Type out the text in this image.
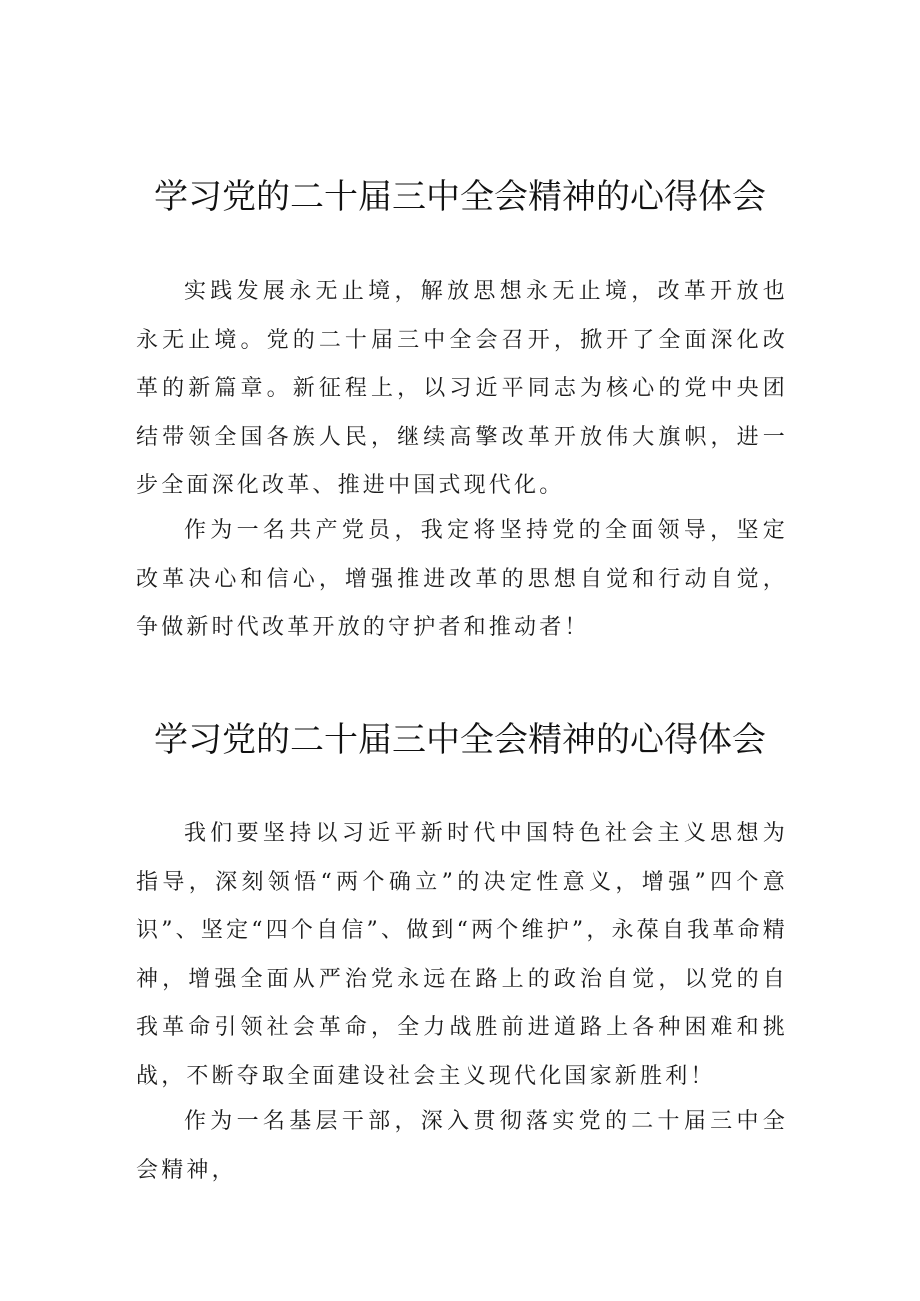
学习党的二十届三中全会精神的心得体会

实践发展永无止境，解放思想永无止境，改革开放也永无止境。党的二十届三中全会召开，掀开了全面深化改革的新篇章。新征程上，以习近平同志为核心的党中央团结带领全国各族人民，继续高擎改革开放伟大旗帜，进一步全面深化改革、推进中国式现代化。

作为一名共产党员，我定将坚持党的全面领导，坚定改革决心和信心，增强推进改革的思想自觉和行动自觉，争做新时代改革开放的守护者和推动者！

学习党的二十届三中全会精神的心得体会

我们要坚持以习近平新时代中国特色社会主义思想为指导，深刻领悟“两个确立”的决定性意义，增强”四个意识”、坚定“四个自信”、做到“两个维护”，永葆自我革命精神，增强全面从严治党永远在路上的政治自觉，以党的自我革命引领社会革命，全力战胜前进道路上各种困难和挑战，不断夺取全面建设社会主义现代化国家新胜利！

作为一名基层干部，深入贯彻落实党的二十届三中全会精神，
